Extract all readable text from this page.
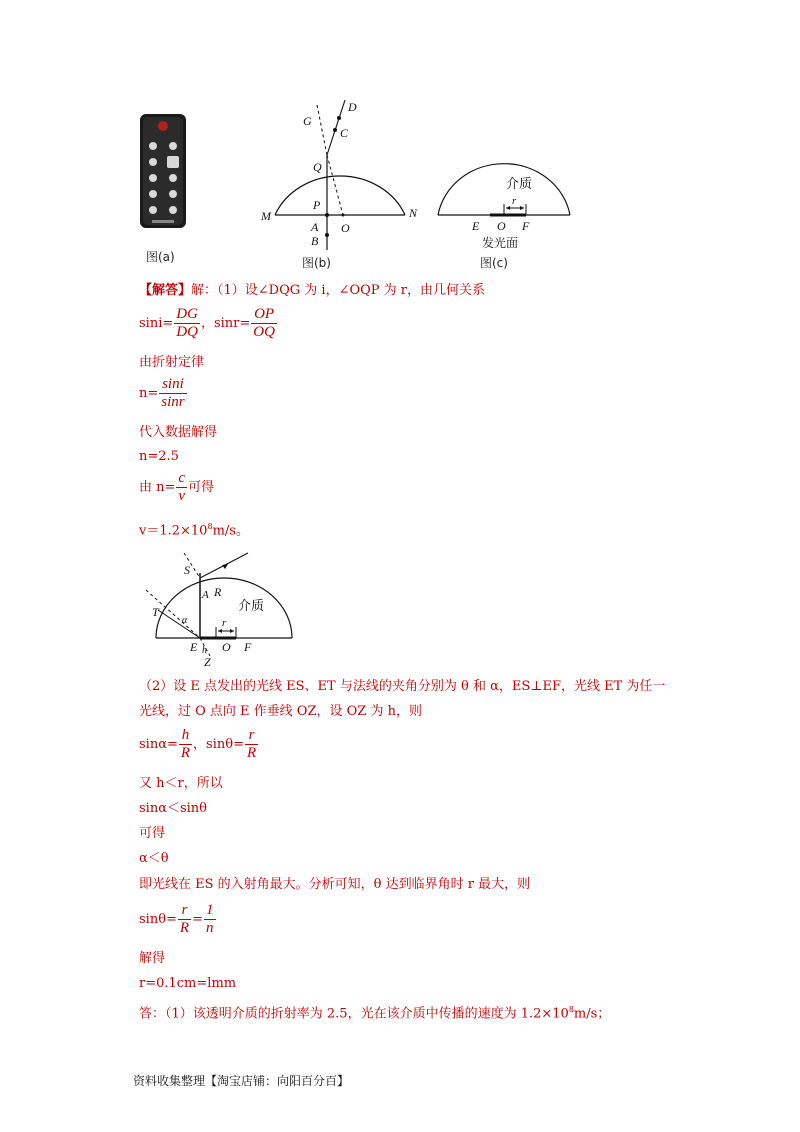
图(a)
D
G
C
Q
M	N
P
A
B
O
图(b)
介质
r
E O F
发光面
图(c)
【解答】解：（1）设∠DQG 为 i，∠OQP 为 r，由几何关系
$\sin i= \frac{DG}{DQ}$ ，$\sin r= \frac{OP}{OQ}$
由折射定律
$n= \frac{\sin i}{\sin r}$
代入数据解得
n=2.5
由 $n= \frac{c}{v}$ 可得
$v=1.2\times 10^8m/s$。
S
R
A
T
α
介质
r
E O F
h
Z
（2）设 E 点发出的光线 ES、ET 与法线的夹角分别为 θ 和 α，ES⊥EF，光线 ET 为任一
光线，过 O 点向 E 作垂线 OZ，设 OZ 为 h，则
$\sin\alpha= \frac{h}{R}$ ，$\sin\theta= \frac{r}{R}$
又 h＜r，所以
sinα＜sinθ
可得
α＜θ
即光线在 ES 的入射角最大。分析可知，θ 达到临界角时 r 最大，则
$\sin\theta= \frac{r}{R} = \frac{1}{n}$
解得
r=0.1cm=lmm
答：（1）该透明介质的折射率为 2.5，光在该介质中传播的速度为 $1.2\times 10^8m/s$；
资料收集整理【淘宝店铺：向阳百分百】
